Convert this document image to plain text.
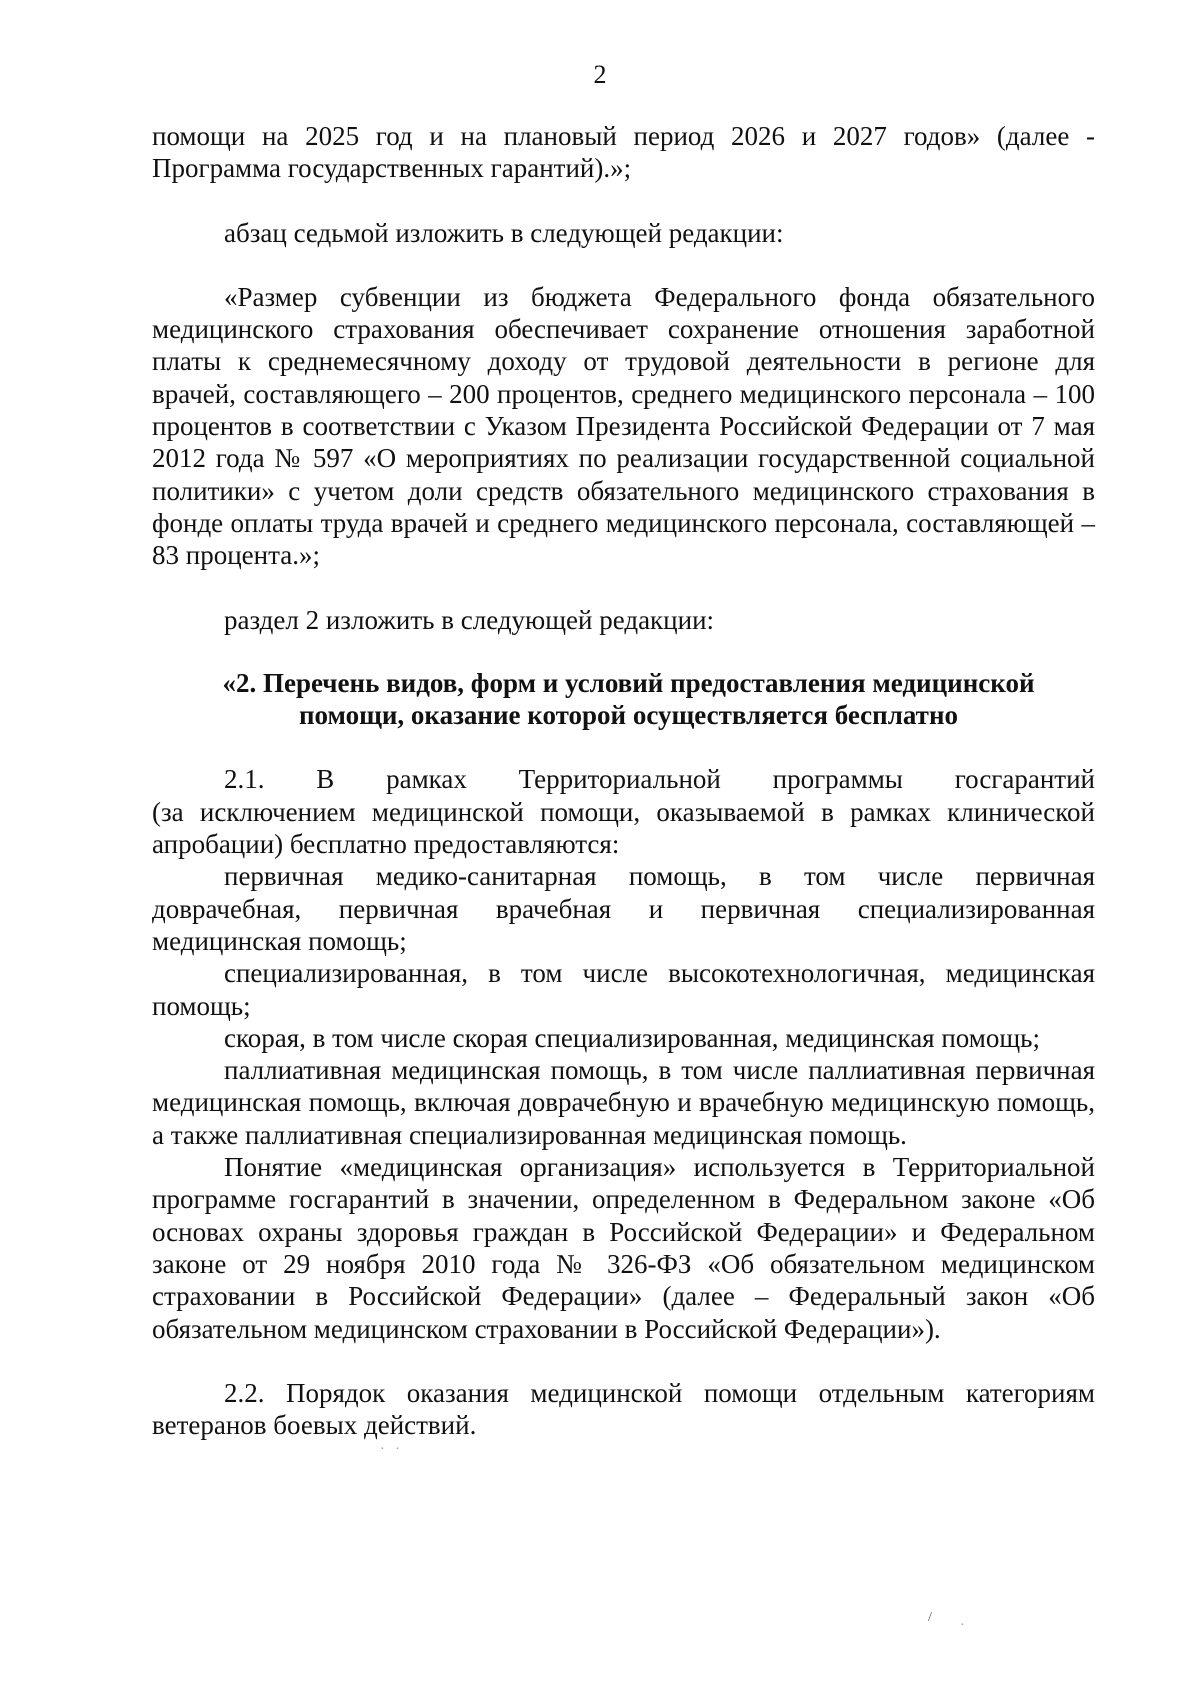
2

помощи на 2025 год и на плановый период 2026 и 2027 годов» (далее - Программа государственных гарантий).»;

абзац седьмой изложить в следующей редакции:

«Размер субвенции из бюджета Федерального фонда обязательного медицинского страхования обеспечивает сохранение отношения заработной платы к среднемесячному доходу от трудовой деятельности в регионе для врачей, составляющего – 200 процентов, среднего медицинского персонала – 100 процентов в соответствии с Указом Президента Российской Федерации от 7 мая 2012 года № 597 «О мероприятиях по реализации государственной социальной политики» с учетом доли средств обязательного медицинского страхования в фонде оплаты труда врачей и среднего медицинского персонала, составляющей – 83 процента.»;

раздел 2 изложить в следующей редакции:

«2. Перечень видов, форм и условий предоставления медицинской
помощи, оказание которой осуществляется бесплатно

2.1. В рамках Территориальной программы госгарантий

(за исключением медицинской помощи, оказываемой в рамках клинической апробации) бесплатно предоставляются:

первичная медико-санитарная помощь, в том числе первичная доврачебная, первичная врачебная и первичная специализированная медицинская помощь;

специализированная, в том числе высокотехнологичная, медицинская помощь;

скорая, в том числе скорая специализированная, медицинская помощь;

паллиативная медицинская помощь, в том числе паллиативная первичная медицинская помощь, включая доврачебную и врачебную медицинскую помощь, а также паллиативная специализированная медицинская помощь.

Понятие «медицинская организация» используется в Территориальной программе госгарантий в значении, определенном в Федеральном законе «Об основах охраны здоровья граждан в Российской Федерации» и Федеральном законе от 29 ноября 2010 года № 326-ФЗ «Об обязательном медицинском страховании в Российской Федерации» (далее – Федеральный закон «Об обязательном медицинском страховании в Российской Федерации»).

2.2. Порядок оказания медицинской помощи отдельным категориям ветеранов боевых действий.

·   ·
/
·
